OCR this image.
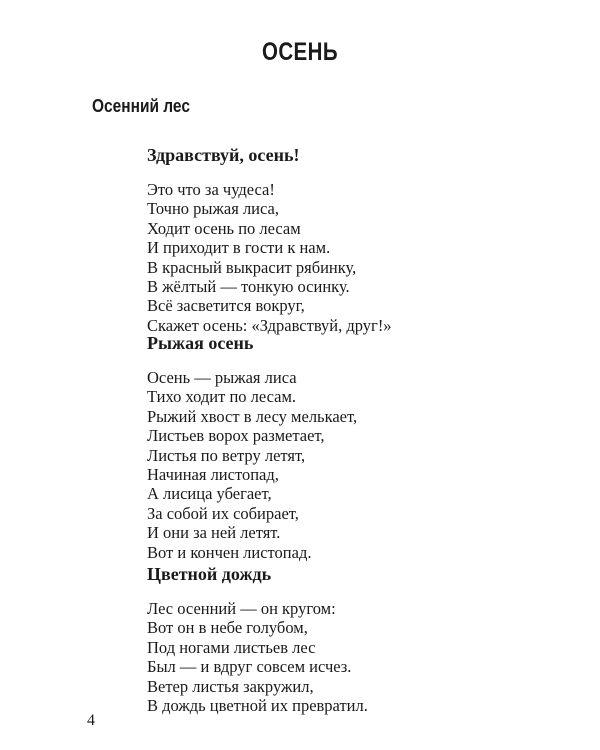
ОСЕНЬ
Осенний лес
Здравствуй, осень!
Это что за чудеса!
Точно рыжая лиса,
Ходит осень по лесам
И приходит в гости к нам.
В красный выкрасит рябинку,
В жёлтый — тонкую осинку.
Всё засветится вокруг,
Скажет осень: «Здравствуй, друг!»
Рыжая осень
Осень — рыжая лиса
Тихо ходит по лесам.
Рыжий хвост в лесу мелькает,
Листьев ворох разметает,
Листья по ветру летят,
Начиная листопад,
А лисица убегает,
За собой их собирает,
И они за ней летят.
Вот и кончен листопад.
Цветной дождь
Лес осенний — он кругом:
Вот он в небе голубом,
Под ногами листьев лес
Был — и вдруг совсем исчез.
Ветер листья закружил,
В дождь цветной их превратил.
4
